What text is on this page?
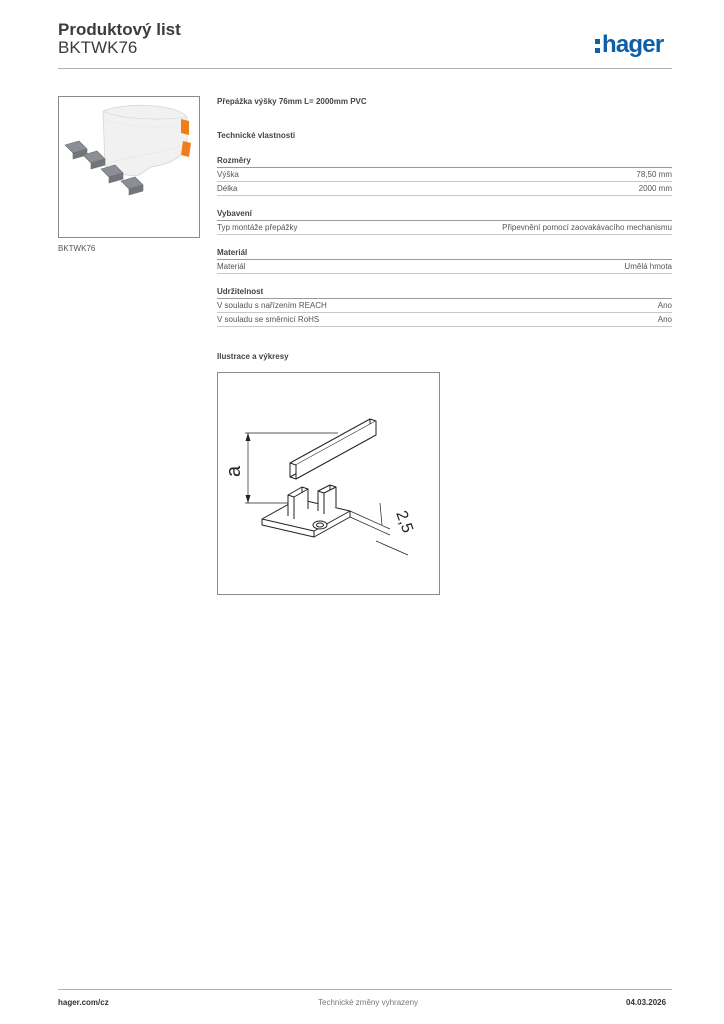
Produktový list
BKTWK76	hager
BKTWK76
Přepážka výšky 76mm L= 2000mm PVC
Technické vlastnosti
Rozměry
Výška	78,50 mm
Délka	2000 mm
Vybavení
Typ montáže přepážky	Připevnění pomocí zaovakávacího mechanismu
Materiál
Materiál	Umělá hmota
Udržitelnost
V souladu s nařízením REACH	Ano
V souladu se směrnicí RoHS	Ano
Ilustrace a výkresy
a
2,5
hager.com/cz	Technické změny vyhrazeny	04.03.2026
